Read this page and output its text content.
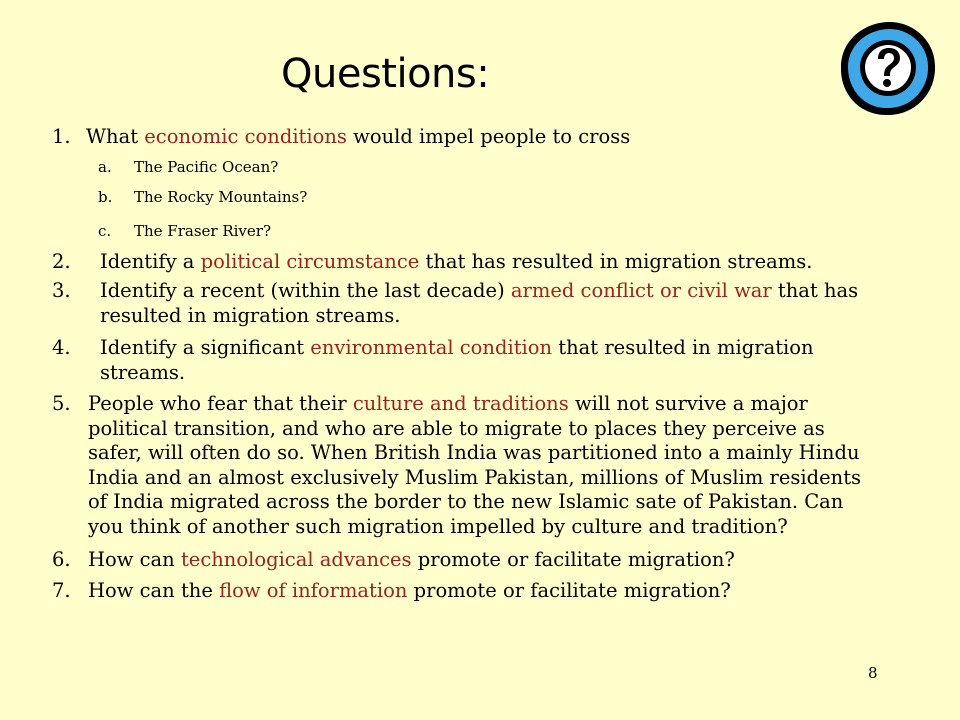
Questions:

1. What economic conditions would impel people to cross

a. The Pacific Ocean?
b. The Rocky Mountains?
c. The Fraser River?

2. Identify a political circumstance that has resulted in migration streams.

3. Identify a recent (within the last decade) armed conflict or civil war that has resulted in migration streams.

4. Identify a significant environmental condition that resulted in migration streams.

5. People who fear that their culture and traditions will not survive a major political transition, and who are able to migrate to places they perceive as safer, will often do so. When British India was partitioned into a mainly Hindu India and an almost exclusively Muslim Pakistan, millions of Muslim residents of India migrated across the border to the new Islamic sate of Pakistan. Can you think of another such migration impelled by culture and tradition?

6. How can technological advances promote or facilitate migration?

7. How can the flow of information promote or facilitate migration?

8
